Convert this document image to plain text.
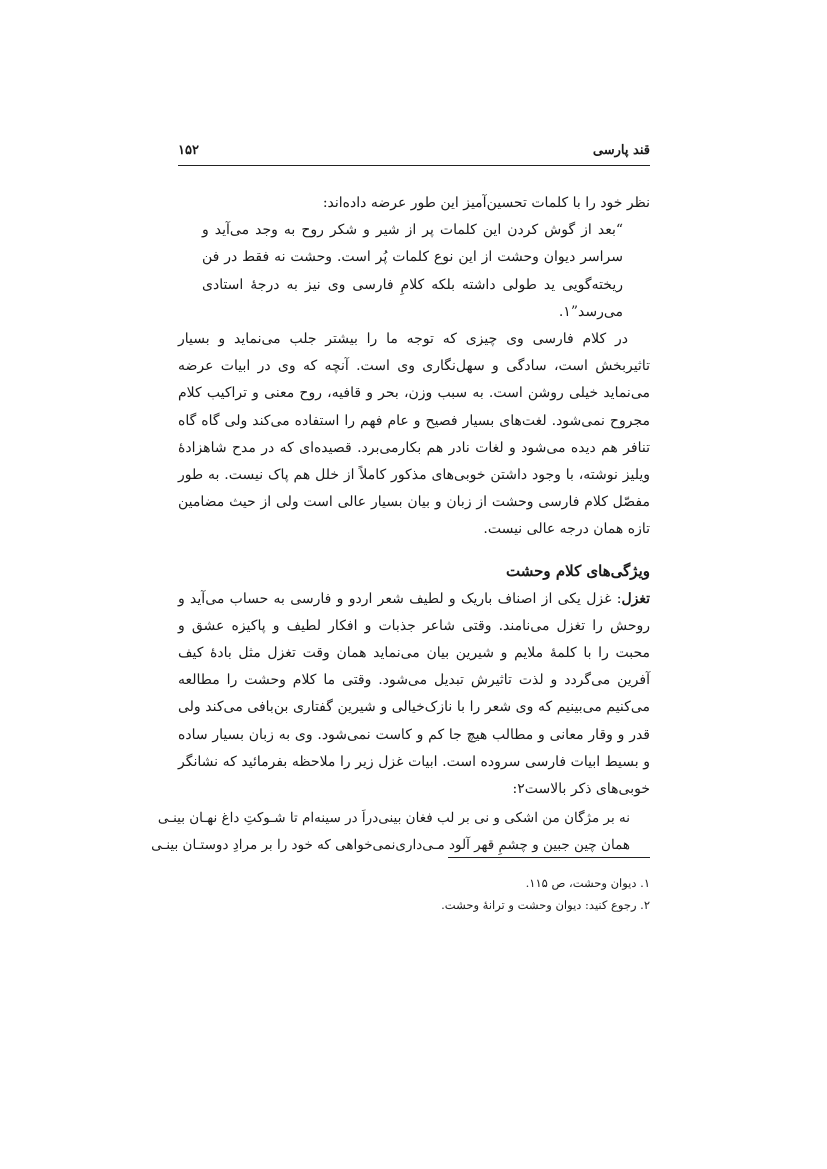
قند پارسی
۱۵۲

نظر خود را با کلمات تحسین‌آمیز این طور عرضه داده‌اند:

“بعد از گوش کردن این کلمات پر از شیر و شکر روح به وجد می‌آید و سراسر دیوان وحشت از این نوع کلمات پُر است. وحشت نه فقط در فن ریخته‌گویی ید طولی داشته بلکه کلامِ فارسی وی نیز به درجهٔ استادی می‌رسد”۱.

در کلام فارسی وی چیزی که توجه ما را بیشتر جلب می‌نماید و بسیار تاثیربخش است، سادگی و سهل‌نگاری وی است. آنچه که وی در ابیات عرضه می‌نماید خیلی روشن است. به سبب وزن، بحر و قافیه، روح معنی و تراکیب کلام مجروح نمی‌شود. لغت‌های بسیار فصیح و عام فهم را استفاده می‌کند ولی گاه گاه تنافر هم دیده می‌شود و لغات نادر هم بکارمی‌برد. قصیده‌ای که در مدح شاهزادهٔ ویلیز نوشته، با وجود داشتن خوبی‌های مذکور کاملاً از خلل هم پاک نیست. به طور مفصّل کلام فارسی وحشت از زبان و بیان بسیار عالی است ولی از حیث مضامین تازه همان درجه عالی نیست.

ویژگی‌های کلام وحشت

تغزل: غزل یکی از اصناف باریک و لطیف شعر اردو و فارسی به حساب می‌آید و روحش را تغزل می‌نامند. وقتی شاعر جذبات و افکار لطیف و پاکیزه عشق و محبت را با کلمهٔ ملایم و شیرین بیان می‌نماید همان وقت تغزل مثل بادهٔ کیف آفرین می‌گردد و لذت تاثیرش تبدیل می‌شود. وقتی ما کلام وحشت را مطالعه می‌کنیم می‌بینیم که وی شعر را با نازک‌خیالی و شیرین گفتاری بن‌بافی می‌کند ولی قدر و وقار معانی و مطالب هیچ جا کم و کاست نمی‌شود. وی به زبان بسیار ساده و بسیط ابیات فارسی سروده است. ابیات غزل زیر را ملاحظه بفرمائید که نشانگر خوبی‌های ذکر بالاست۲:

نه بر مژگان من اشکی و نی بر لب فغان بینی
دراَ در سینه‌ام تا شـوکتِ داغ نهـان بینـی
همان چین جبین و چشمِ قهر آلود مـی‌داری
نمی‌خواهی که خود را بر مرادِ دوستـان بینـی

۱. دیوان وحشت، ص ۱۱۵.

۲. رجوع کنید: دیوان وحشت و ترانهٔ وحشت.
